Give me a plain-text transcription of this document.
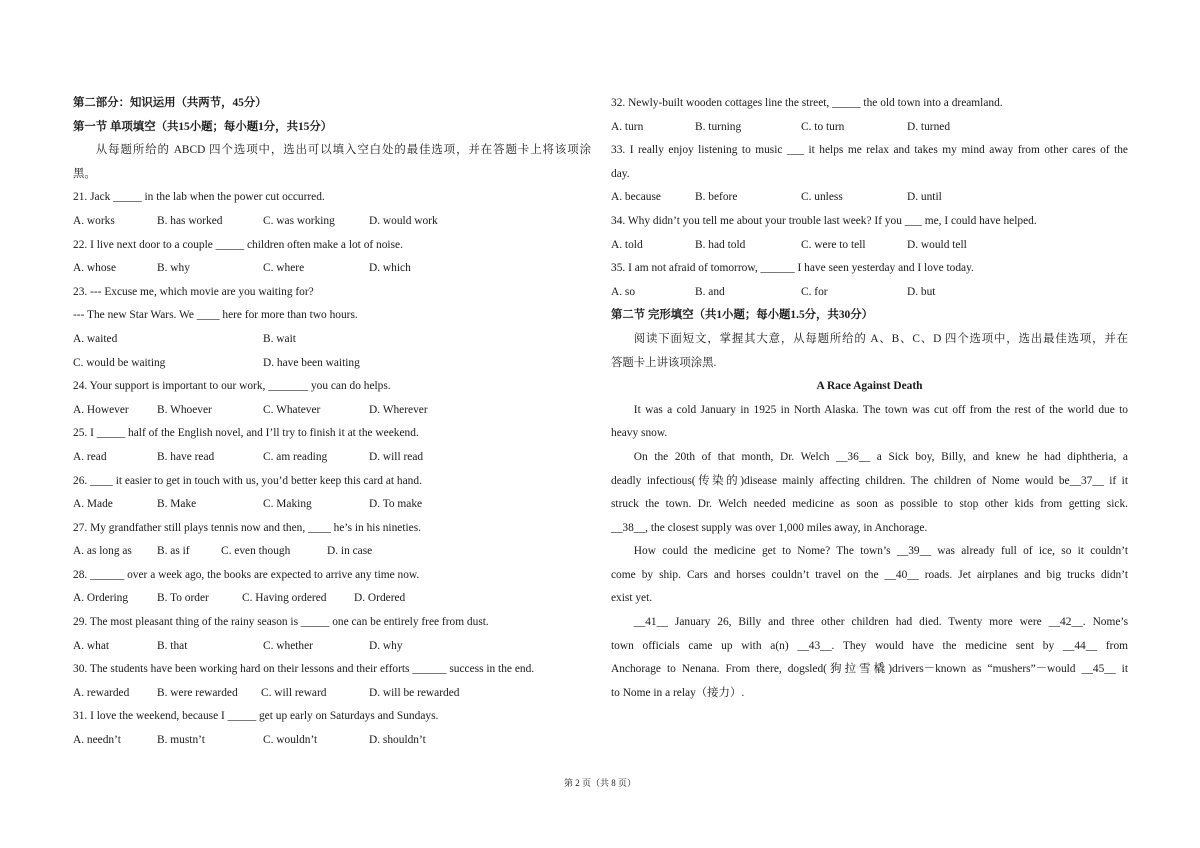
第二部分：知识运用（共两节，45分）
第一节 单项填空（共15小题；每小题1分，共15分）
从每题所给的 ABCD 四个选项中，选出可以填入空白处的最佳选项，并在答题卡上将该项涂
黑。
21. Jack _____ in the lab when the power cut occurred.
A. works	B. has worked	C. was working	D. would work
22. I live next door to a couple _____ children often make a lot of noise.
A. whose	B. why	C. where	D. which
23. --- Excuse me, which movie are you waiting for?
--- The new Star Wars. We ____ here for more than two hours.
A. waited	B. wait
C. would be waiting	D. have been waiting
24. Your support is important to our work, _______ you can do helps.
A. However B. Whoever	C. Whatever	D. Wherever
25. I _____ half of the English novel, and I’ll try to finish it at the weekend.
A. read	B. have read	C. am reading	D. will read
26. ____ it easier to get in touch with us, you’d better keep this card at hand.
A. Made	B. Make	C. Making	D. To make
27. My grandfather still plays tennis now and then, ____ he’s in his nineties.
A. as long as B. as if	C. even though	D. in case
28. ______ over a week ago, the books are expected to arrive any time now.
A. Ordering	B. To order	C. Having ordered D. Ordered
29. The most pleasant thing of the rainy season is _____ one can be entirely free from dust.
A. what	B. that	C. whether	D. why
30. The students have been working hard on their lessons and their efforts ______ success in the end.
A. rewarded B. were rewarded C. will reward	D. will be rewarded
31. I love the weekend, because I _____ get up early on Saturdays and Sundays.
A. needn’t	B. mustn’t	C. wouldn’t	D. shouldn’t
32. Newly-built wooden cottages line the street, _____ the old town into a dreamland.
A. turn	B. turning	C. to turn	D. turned
33. I really enjoy listening to music ___ it helps me relax and takes my mind away from other cares of the
day.
A. because	B. before	C. unless	D. until
34. Why didn’t you tell me about your trouble last week? If you ___ me, I could have helped.
A. told	B. had told	C. were to tell	D. would tell
35. I am not afraid of tomorrow, ______ I have seen yesterday and I love today.
A. so	B. and	C. for	D. but
第二节 完形填空（共1小题；每小题1.5分，共30分）
阅读下面短文，掌握其大意，从每题所给的 A、B、C、D 四个选项中，选出最佳选项，并在
答题卡上讲该项涂黑.
A Race Against Death
It was a cold January in 1925 in North Alaska. The town was cut off from the rest of the world due to
heavy snow.
On the 20th of that month, Dr. Welch __36__ a Sick boy, Billy, and knew he had diphtheria, a
deadly infectious(传染的)disease mainly affecting children. The children of Nome would be__37__ if it
struck the town. Dr. Welch needed medicine as soon as possible to stop other kids from getting sick.
__38__, the closest supply was over 1,000 miles away, in Anchorage.
How could the medicine get to Nome? The town’s __39__ was already full of ice, so it couldn’t
come by ship. Cars and horses couldn’t travel on the __40__ roads. Jet airplanes and big trucks didn’t
exist yet.
__41__ January 26, Billy and three other children had died. Twenty more were __42__. Nome’s
town officials came up with a(n) __43__. They would have the medicine sent by __44__ from
Anchorage to Nenana. From there, dogsled(狗拉雪橇)drivers－known as “mushers”－would __45__ it
to Nome in a relay（接力）.
第 2 页（共 8 页）
